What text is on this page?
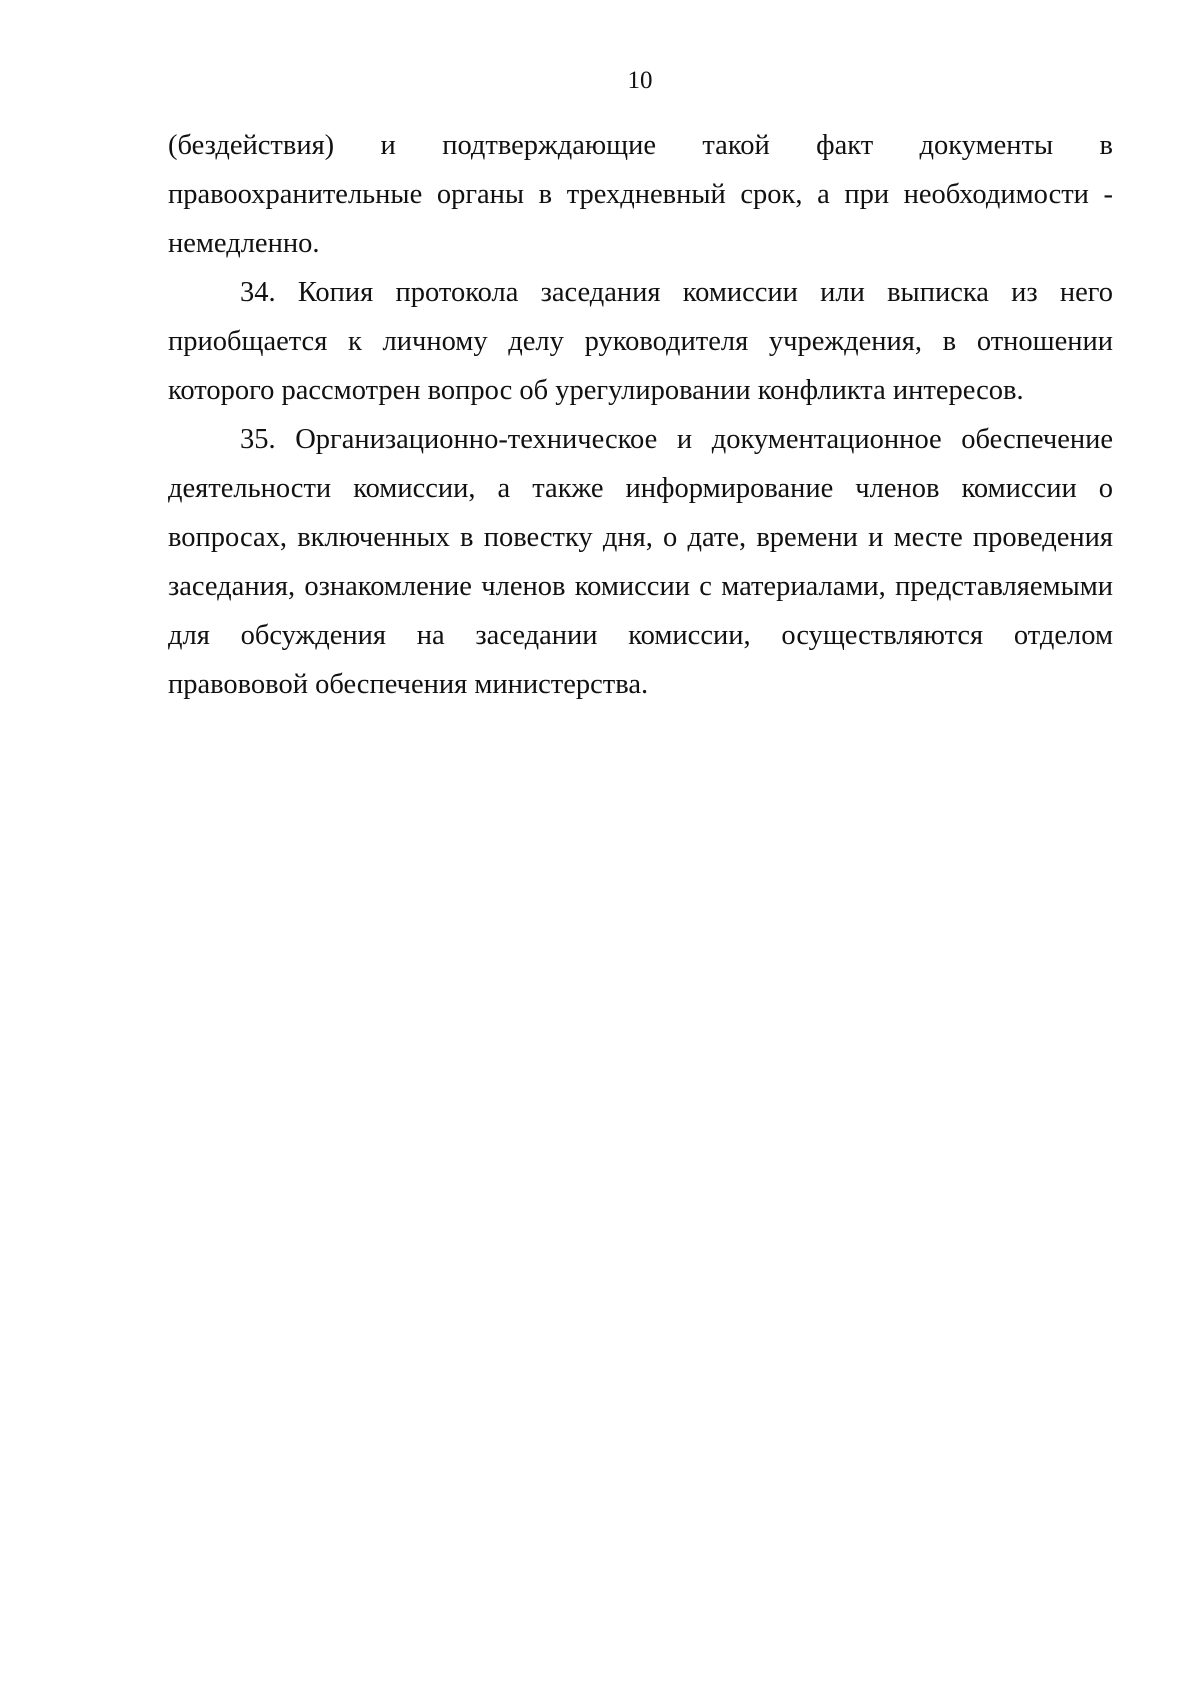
10
(бездействия) и подтверждающие такой факт документы в
правоохранительные органы в трехдневный срок, а при необходимости -
немедленно.
34. Копия протокола заседания комиссии или выписка из него
приобщается к личному делу руководителя учреждения, в отношении
которого рассмотрен вопрос об урегулировании конфликта интересов.
35. Организационно-техническое и документационное обеспечение
деятельности комиссии, а также информирование членов комиссии о
вопросах, включенных в повестку дня, о дате, времени и месте проведения
заседания, ознакомление членов комиссии с материалами, представляемыми
для обсуждения на заседании комиссии, осуществляются отделом
правововой обеспечения министерства.
